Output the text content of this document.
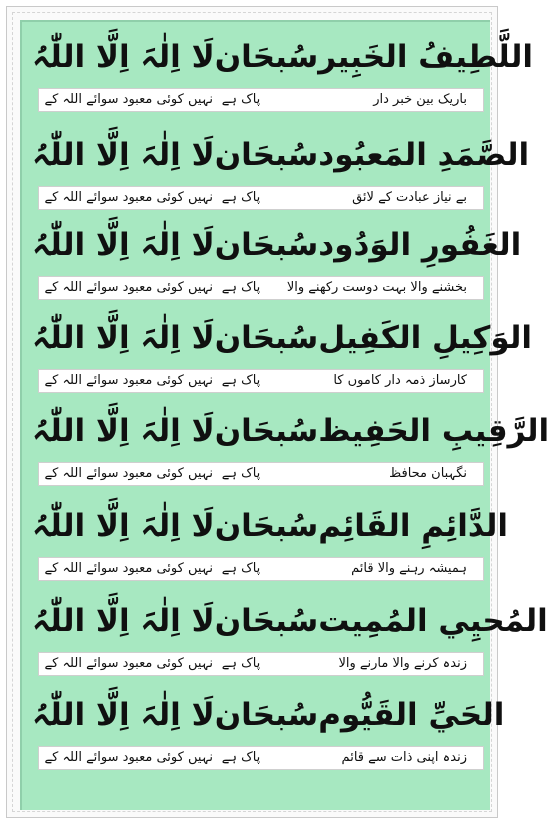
لَا اِلٰہَ اِلَّا اللّٰہُ سُبحَان اللَّطِيفُ الخَبِير
نہیں کوئی معبود سوائے اللہ کے پاک ہے	باریک بین خبر دار
لَا اِلٰہَ اِلَّا اللّٰہُ سُبحَان الصَّمَدِ المَعبُود
نہیں کوئی معبود سوائے اللہ کے پاک ہے	بے نیاز عبادت کے لائق
لَا اِلٰہَ اِلَّا اللّٰہُ سُبحَان الغَفُورِ الوَدُود
نہیں کوئی معبود سوائے اللہ کے پاک ہے	بخشنے والا بہت دوست رکھنے والا
لَا اِلٰہَ اِلَّا اللّٰہُ سُبحَان الوَكِيلِ الكَفِيل
نہیں کوئی معبود سوائے اللہ کے پاک ہے	کارساز ذمہ دار کاموں کا
لَا اِلٰہَ اِلَّا اللّٰہُ سُبحَان الرَّقِيبِ الحَفِيظ
نہیں کوئی معبود سوائے اللہ کے پاک ہے	نگہبان محافظ
لَا اِلٰہَ اِلَّا اللّٰہُ سُبحَان الدَّائِمِ القَائِم
نہیں کوئی معبود سوائے اللہ کے پاک ہے	ہمیشہ رہنے والا قائم
لَا اِلٰہَ اِلَّا اللّٰہُ سُبحَان المُحيِي المُمِيت
نہیں کوئی معبود سوائے اللہ کے پاک ہے	زندہ کرنے والا مارنے والا
لَا اِلٰہَ اِلَّا اللّٰہُ سُبحَان الحَيِّ القَيُّوم
نہیں کوئی معبود سوائے اللہ کے پاک ہے	زندہ اپنی ذات سے قائم
